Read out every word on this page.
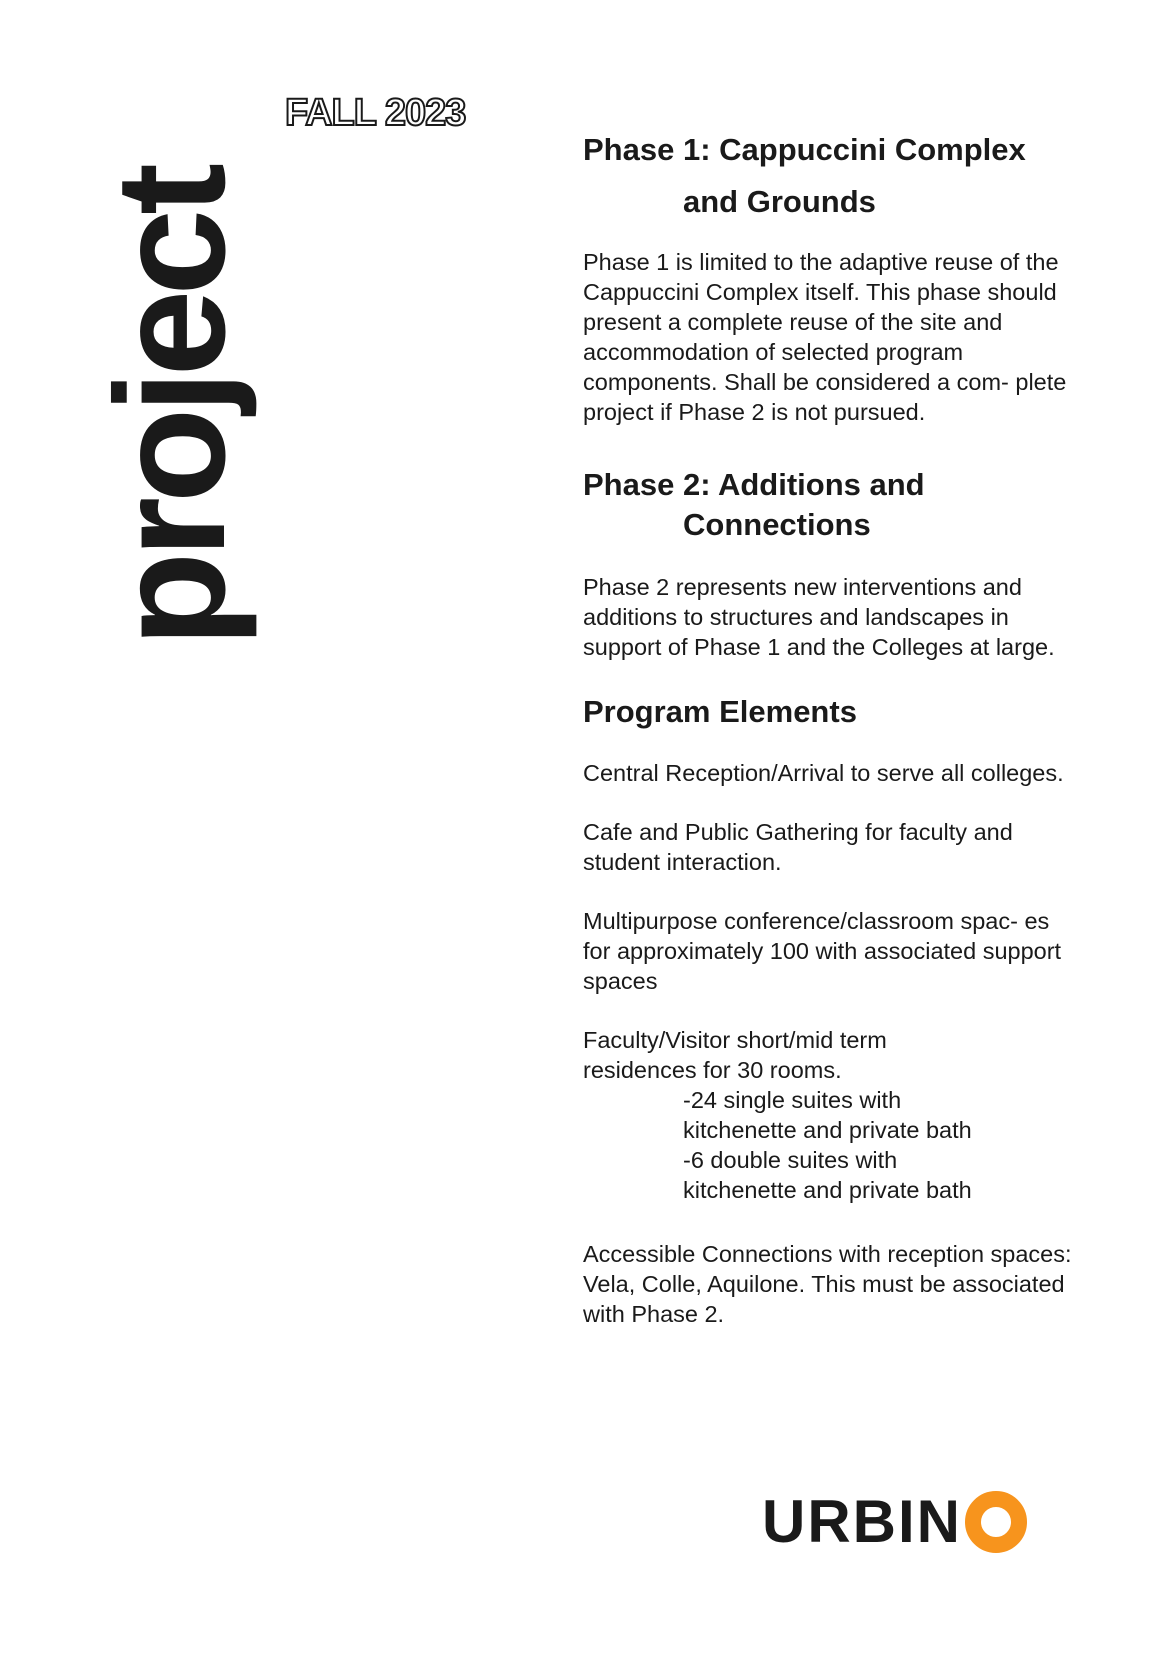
project
FALL 2023
Phase 1: Cappuccini Complex
and Grounds

Phase 1 is limited to the adaptive reuse of the Cappuccini Complex itself. This phase should present a complete reuse of the site and accommodation of selected program components. Shall be considered a com- plete project if Phase 2 is not pursued.

Phase 2: Additions and
Connections

Phase 2 represents new interventions and additions to structures and landscapes in support of Phase 1 and the Colleges at large.

Program Elements

Central Reception/Arrival to serve all colleges.

Cafe and Public Gathering for faculty and student interaction.

Multipurpose conference/classroom spac- es for approximately 100 with associated support spaces

Faculty/Visitor short/mid term
residences for 30 rooms.
-24 single suites with
kitchenette and private bath
-6 double suites with
kitchenette and private bath

Accessible Connections with reception spaces: Vela, Colle, Aquilone. This must be associated with Phase 2.

URBIN
